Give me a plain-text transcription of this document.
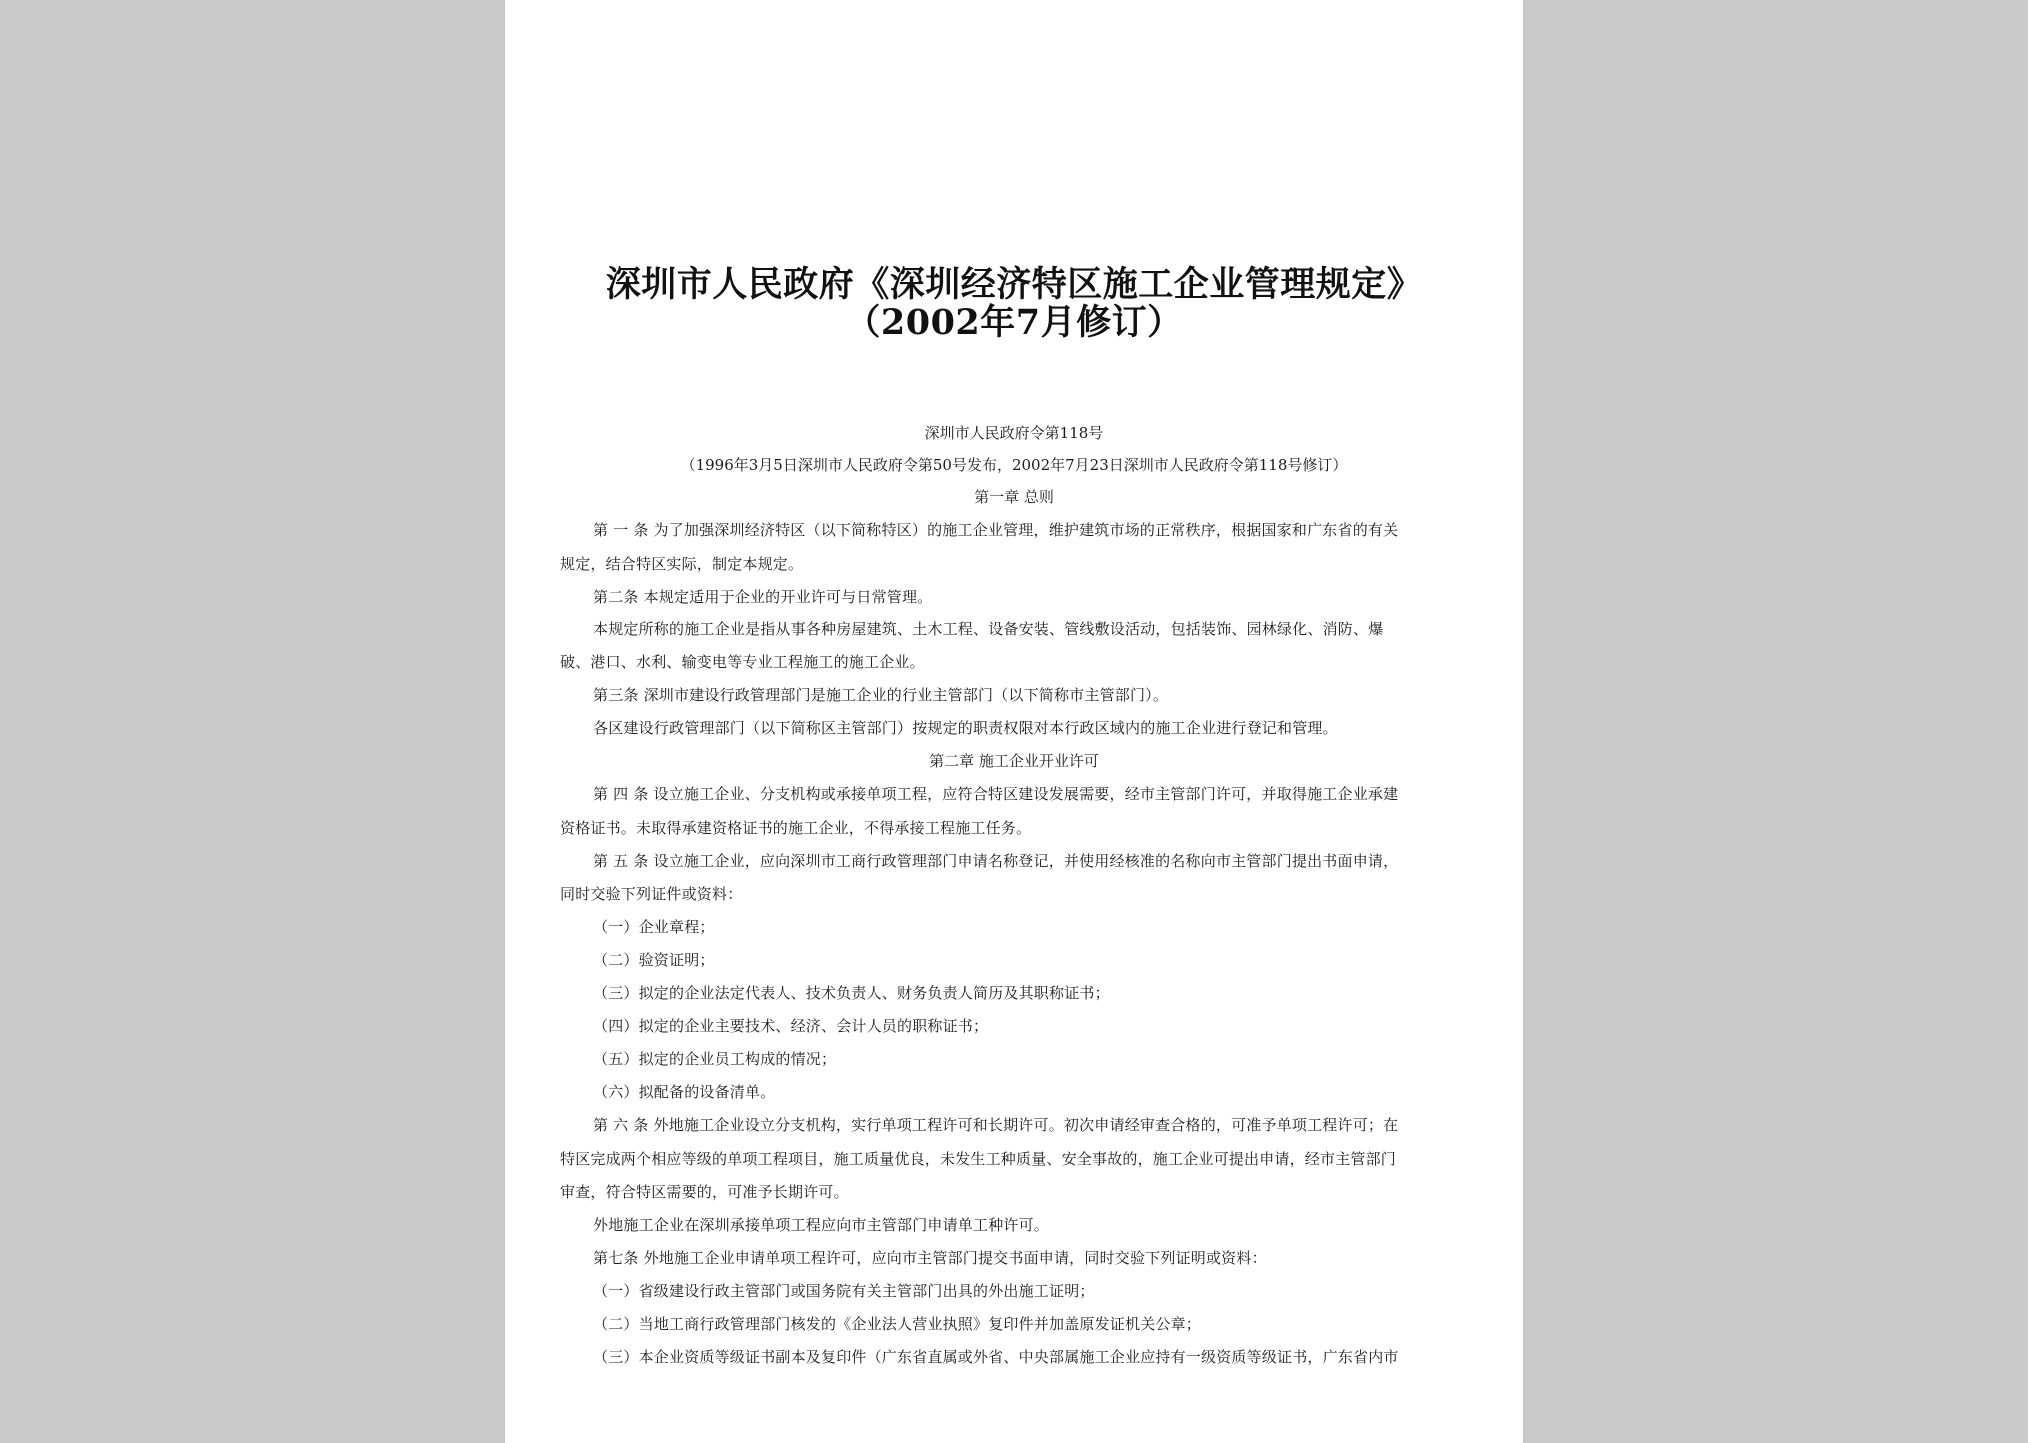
深圳市人民政府《深圳经济特区施工企业管理规定》
（2002年7月修订）
深圳市人民政府令第118号
（1996年3月5日深圳市人民政府令第50号发布，2002年7月23日深圳市人民政府令第118号修订）
第一章 总则
第 一 条 为了加强深圳经济特区（以下简称特区）的施工企业管理，维护建筑市场的正常秩序，根据国家和广东省的有关
规定，结合特区实际，制定本规定。
第二条 本规定适用于企业的开业许可与日常管理。
本规定所称的施工企业是指从事各种房屋建筑、土木工程、设备安装、管线敷设活动，包括装饰、园林绿化、消防、爆
破、港口、水利、输变电等专业工程施工的施工企业。
第三条 深圳市建设行政管理部门是施工企业的行业主管部门（以下简称市主管部门）。
各区建设行政管理部门（以下简称区主管部门）按规定的职责权限对本行政区域内的施工企业进行登记和管理。
第二章 施工企业开业许可
第 四 条 设立施工企业、分支机构或承接单项工程，应符合特区建设发展需要，经市主管部门许可，并取得施工企业承建
资格证书。未取得承建资格证书的施工企业，不得承接工程施工任务。
第 五 条 设立施工企业，应向深圳市工商行政管理部门申请名称登记，并使用经核准的名称向市主管部门提出书面申请，
同时交验下列证件或资料：
（一）企业章程；
（二）验资证明；
（三）拟定的企业法定代表人、技术负责人、财务负责人简历及其职称证书；
（四）拟定的企业主要技术、经济、会计人员的职称证书；
（五）拟定的企业员工构成的情况；
（六）拟配备的设备清单。
第 六 条 外地施工企业设立分支机构，实行单项工程许可和长期许可。初次申请经审查合格的，可准予单项工程许可；在
特区完成两个相应等级的单项工程项目，施工质量优良，未发生工种质量、安全事故的，施工企业可提出申请，经市主管部门
审查，符合特区需要的，可准予长期许可。
外地施工企业在深圳承接单项工程应向市主管部门申请单工种许可。
第七条 外地施工企业申请单项工程许可，应向市主管部门提交书面申请，同时交验下列证明或资料：
（一）省级建设行政主管部门或国务院有关主管部门出具的外出施工证明；
（二）当地工商行政管理部门核发的《企业法人营业执照》复印件并加盖原发证机关公章；
（三）本企业资质等级证书副本及复印件（广东省直属或外省、中央部属施工企业应持有一级资质等级证书，广东省内市
